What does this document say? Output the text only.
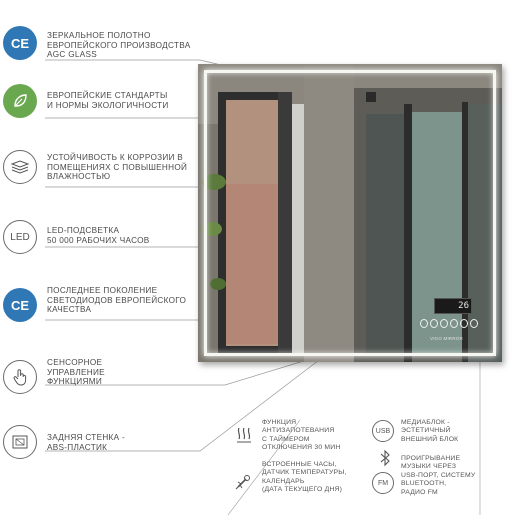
26
VIGO MIRROR
CE	ЗЕРКАЛЬНОЕ ПОЛОТНО
ЕВРОПЕЙСКОГО ПРОИЗВОДСТВА
AGC GLASS
ЕВРОПЕЙСКИЕ СТАНДАРТЫ
И НОРМЫ ЭКОЛОГИЧНОСТИ
УСТОЙЧИВОСТЬ К КОРРОЗИИ В
ПОМЕЩЕНИЯХ С ПОВЫШЕННОЙ
ВЛАЖНОСТЬЮ
LED
LED-ПОДСВЕТКА
50 000 РАБОЧИХ ЧАСОВ
CE
ПОСЛЕДНЕЕ ПОКОЛЕНИЕ
СВЕТОДИОДОВ ЕВРОПЕЙСКОГО
КАЧЕСТВА
СЕНСОРНОЕ
УПРАВЛЕНИЕ
ФУНКЦИЯМИ
ЗАДНЯЯ СТЕНКА -
ABS-ПЛАСТИК
ФУНКЦИЯ
АНТИЗАПОТЕВАНИЯ
С ТАЙМЕРОМ
ОТКЛЮЧЕНИЯ 30 МИН
ВСТРОЕННЫЕ ЧАСЫ,
ДАТЧИК ТЕМПЕРАТУРЫ,
КАЛЕНДАРЬ
(ДАТА ТЕКУЩЕГО ДНЯ)
USB
МЕДИАБЛОК -
ЭСТЕТИЧНЫЙ
ВНЕШНИЙ БЛОК
FM
ПРОИГРЫВАНИЕ
МУЗЫКИ ЧЕРЕЗ
USB-ПОРТ, СИСТЕМУ
BLUETOOTH,
РАДИО FM
